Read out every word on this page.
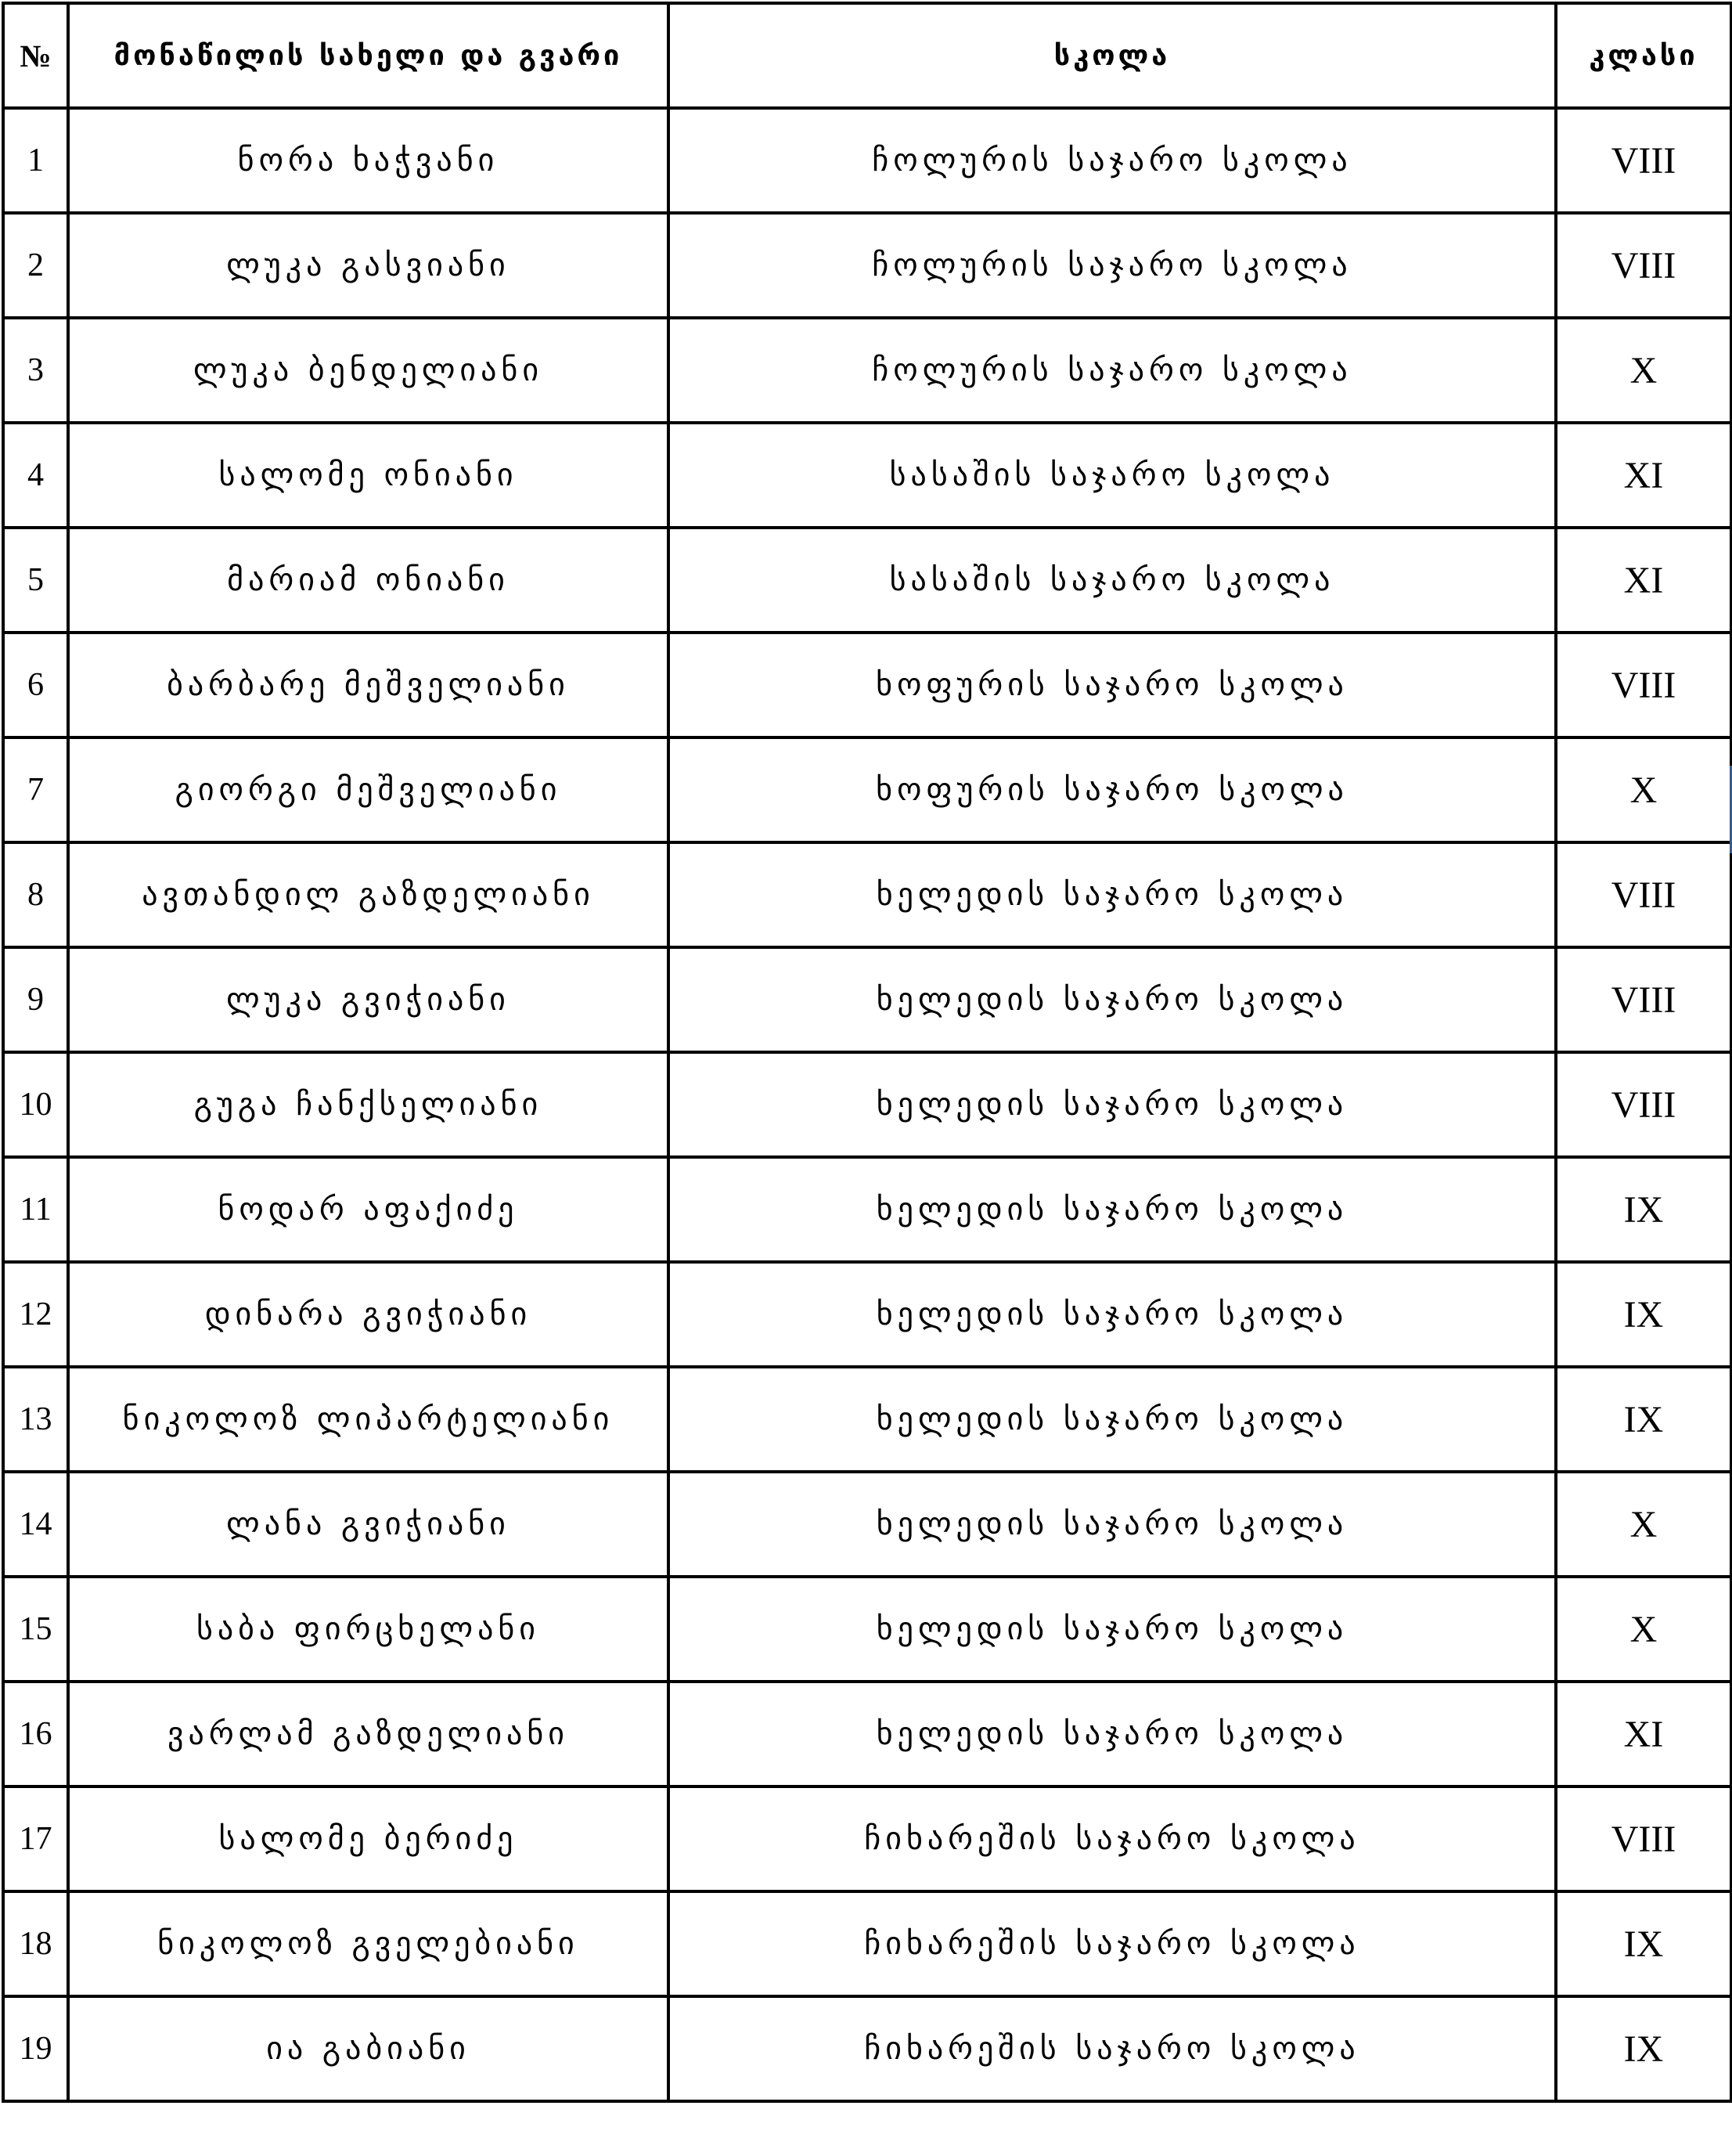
№	მონაწილის სახელი და გვარი	სკოლა	კლასი
1	ნორა ხაჭვანი	ჩოლურის საჯარო სკოლა	VIII
2	ლუკა გასვიანი	ჩოლურის საჯარო სკოლა	VIII
3	ლუკა ბენდელიანი	ჩოლურის საჯარო სკოლა	X
4	სალომე ონიანი	სასაშის საჯარო სკოლა	XI
5	მარიამ ონიანი	სასაშის საჯარო სკოლა	XI
6	ბარბარე მეშველიანი	ხოფურის საჯარო სკოლა	VIII
7	გიორგი მეშველიანი	ხოფურის საჯარო სკოლა	X
8	ავთანდილ გაზდელიანი	ხელედის საჯარო სკოლა	VIII
9	ლუკა გვიჭიანი	ხელედის საჯარო სკოლა	VIII
10	გუგა ჩანქსელიანი	ხელედის საჯარო სკოლა	VIII
11	ნოდარ აფაქიძე	ხელედის საჯარო სკოლა	IX
12	დინარა გვიჭიანი	ხელედის საჯარო სკოლა	IX
13	ნიკოლოზ ლიპარტელიანი	ხელედის საჯარო სკოლა	IX
14	ლანა გვიჭიანი	ხელედის საჯარო სკოლა	X
15	საბა ფირცხელანი	ხელედის საჯარო სკოლა	X
16	ვარლამ გაზდელიანი	ხელედის საჯარო სკოლა	XI
17	სალომე ბერიძე	ჩიხარეშის საჯარო სკოლა	VIII
18	ნიკოლოზ გველებიანი	ჩიხარეშის საჯარო სკოლა	IX
19	ია გაბიანი	ჩიხარეშის საჯარო სკოლა	IX
